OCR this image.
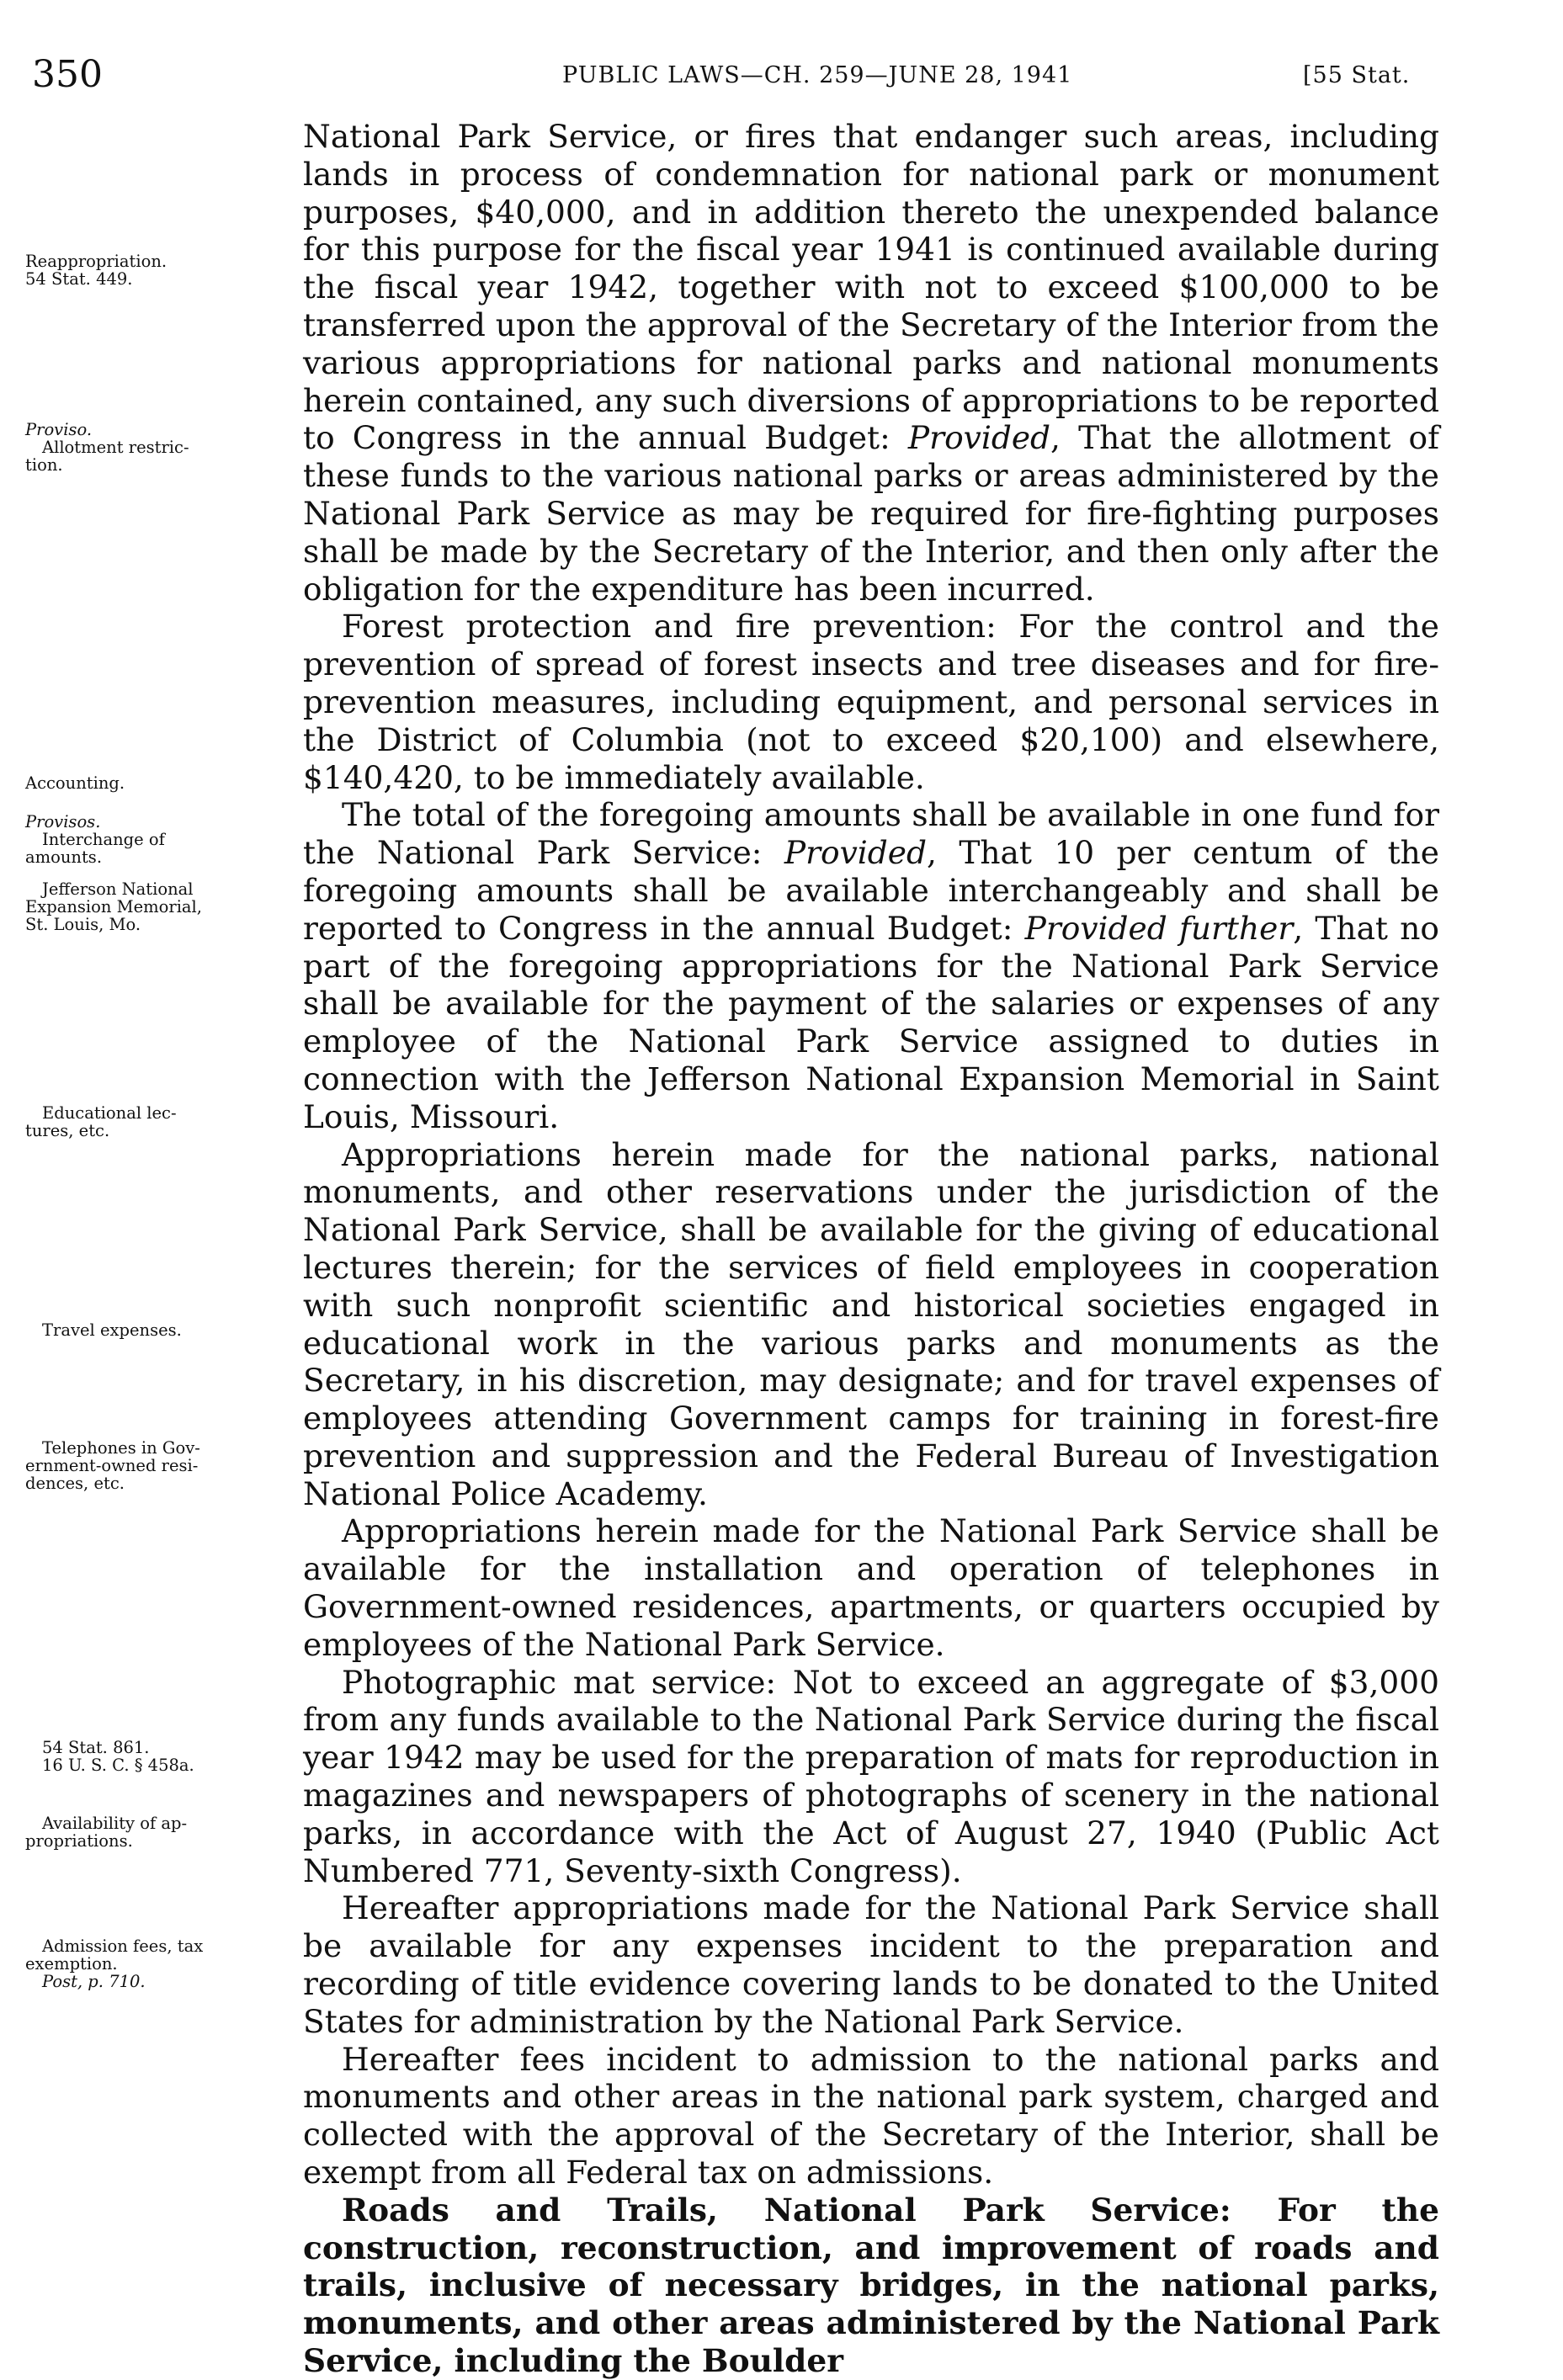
350	PUBLIC LAWS—CH. 259—JUNE 28, 1941	[55 Stat.
Reappropriation.
54 Stat. 449.
Proviso.
Allotment restric-
tion.
Accounting.
Provisos.
Interchange of
amounts.
Jefferson National
Expansion Memorial,
St. Louis, Mo.
Educational lec-
tures, etc.
Travel expenses.
Telephones in Gov-
ernment-owned resi-
dences, etc.
54 Stat. 861.
16 U. S. C. § 458a.
Availability of ap-
propriations.
Admission fees, tax
exemption.
Post, p. 710.

National Park Service, or fires that endanger such areas, including lands in process of condemnation for national park or monument purposes, $40,000, and in addition thereto the unexpended balance for this purpose for the fiscal year 1941 is continued available during the fiscal year 1942, together with not to exceed $100,000 to be transferred upon the approval of the Secretary of the Interior from the various appropriations for national parks and national monuments herein contained, any such diversions of appropriations to be reported to Congress in the annual Budget: Provided, That the allotment of these funds to the various national parks or areas administered by the National Park Service as may be required for fire-fighting purposes shall be made by the Secretary of the Interior, and then only after the obligation for the expenditure has been incurred.

Forest protection and fire prevention: For the control and the prevention of spread of forest insects and tree diseases and for fire-prevention measures, including equipment, and personal services in the District of Columbia (not to exceed $20,100) and elsewhere, $140,420, to be immediately available.

The total of the foregoing amounts shall be available in one fund for the National Park Service: Provided, That 10 per centum of the foregoing amounts shall be available interchangeably and shall be reported to Congress in the annual Budget: Provided further, That no part of the foregoing appropriations for the National Park Service shall be available for the payment of the salaries or expenses of any employee of the National Park Service assigned to duties in connection with the Jefferson National Expansion Memorial in Saint Louis, Missouri.

Appropriations herein made for the national parks, national monuments, and other reservations under the jurisdiction of the National Park Service, shall be available for the giving of educational lectures therein; for the services of field employees in cooperation with such nonprofit scientific and historical societies engaged in educational work in the various parks and monuments as the Secretary, in his discretion, may designate; and for travel expenses of employees attending Government camps for training in forest-fire prevention and suppression and the Federal Bureau of Investigation National Police Academy.

Appropriations herein made for the National Park Service shall be available for the installation and operation of telephones in Government-owned residences, apartments, or quarters occupied by employees of the National Park Service.

Photographic mat service: Not to exceed an aggregate of $3,000 from any funds available to the National Park Service during the fiscal year 1942 may be used for the preparation of mats for reproduction in magazines and newspapers of photographs of scenery in the national parks, in accordance with the Act of August 27, 1940 (Public Act Numbered 771, Seventy-sixth Congress).

Hereafter appropriations made for the National Park Service shall be available for any expenses incident to the preparation and recording of title evidence covering lands to be donated to the United States for administration by the National Park Service.

Hereafter fees incident to admission to the national parks and monuments and other areas in the national park system, charged and collected with the approval of the Secretary of the Interior, shall be exempt from all Federal tax on admissions.

Roads and Trails, National Park Service: For the construction, reconstruction, and improvement of roads and trails, inclusive of necessary bridges, in the national parks, monuments, and other areas administered by the National Park Service, including the Boulder
